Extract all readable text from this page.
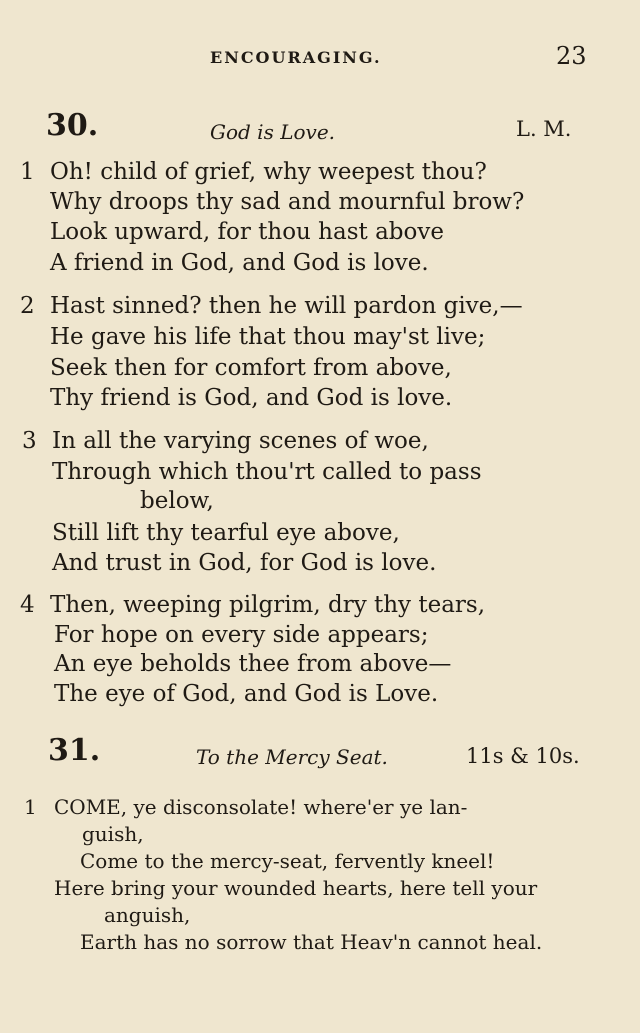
ENCOURAGING.	23
30.	God is Love.	L. M.
1 Oh! child of grief, why weepest thou?
Why droops thy sad and mournful brow?
Look upward, for thou hast above
A friend in God, and God is love.
2 Hast sinned? then he will pardon give,—
He gave his life that thou may'st live;
Seek then for comfort from above,
Thy friend is God, and God is love.
3 In all the varying scenes of woe,
Through which thou'rt called to pass
below,
Still lift thy tearful eye above,
And trust in God, for God is love.
4 Then, weeping pilgrim, dry thy tears,
For hope on every side appears;
An eye beholds thee from above—
The eye of God, and God is Love.
31.	To the Mercy Seat.	11s & 10s.
1 COME, ye disconsolate! where'er ye lan-
guish,
Come to the mercy-seat, fervently kneel!
Here bring your wounded hearts, here tell your
anguish,
Earth has no sorrow that Heav'n cannot heal.
